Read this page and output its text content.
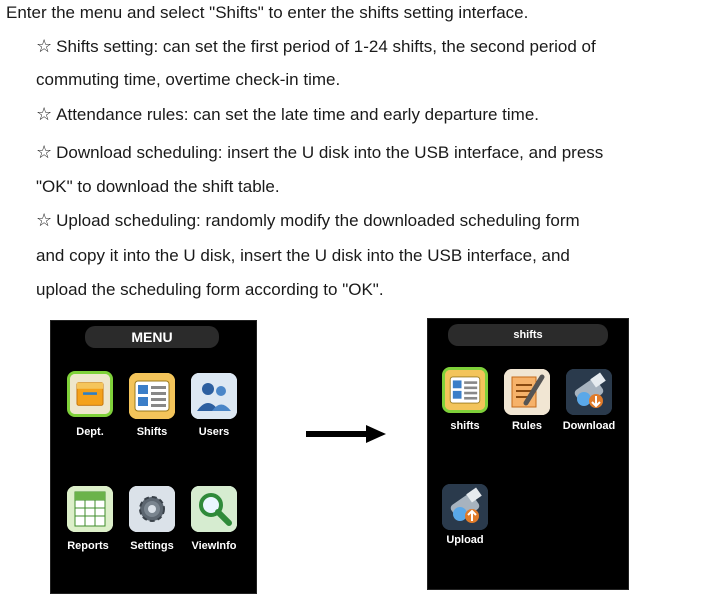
Enter the menu and select "Shifts" to enter the shifts setting interface.
☆ Shifts setting: can set the first period of 1-24 shifts, the second period of
commuting time, overtime check-in time.
☆ Attendance rules: can set the late time and early departure time.
☆ Download scheduling: insert the U disk into the USB interface, and press
"OK" to download the shift table.
☆ Upload scheduling: randomly modify the downloaded scheduling form
and copy it into the U disk, insert the U disk into the USB interface, and
upload the scheduling form according to "OK".
MENU
Dept.	Shifts	Users
Reports	Settings	ViewInfo
shifts
shifts	Rules	Download
Upload
